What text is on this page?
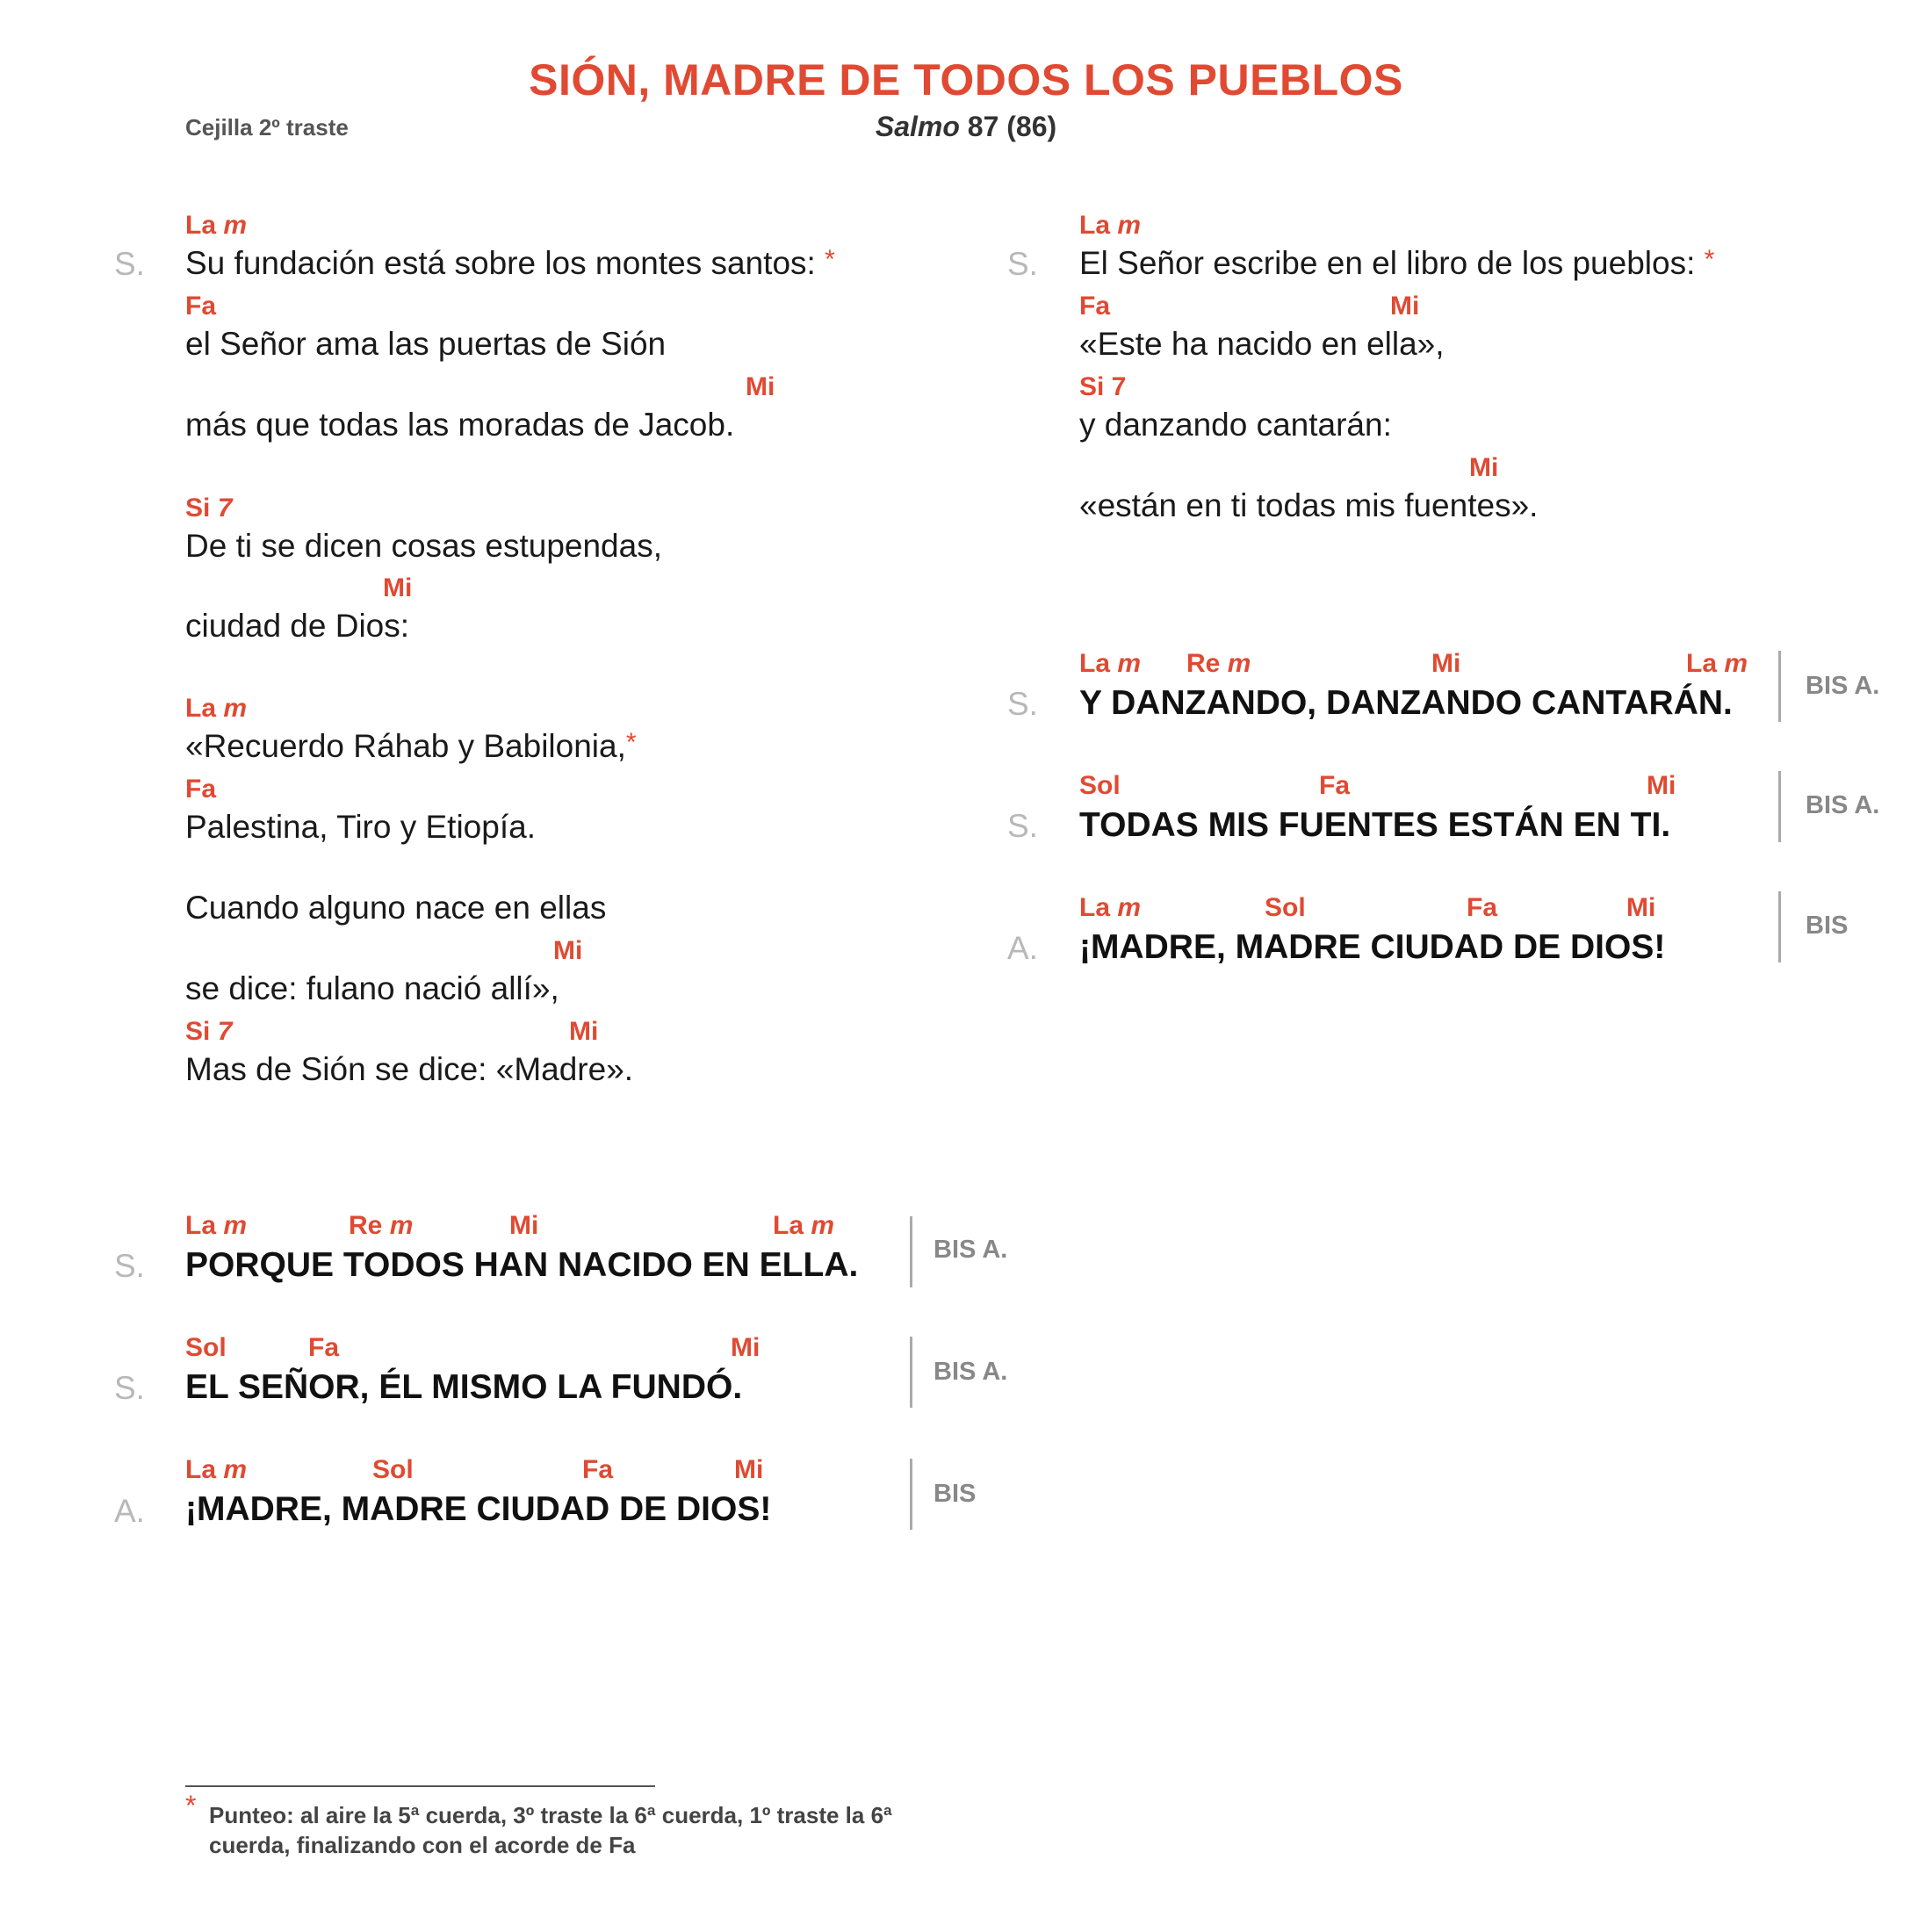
SIÓN, MADRE DE TODOS LOS PUEBLOS
Cejilla 2º traste	Salmo 87 (86)
La m
S. Su fundación está sobre los montes santos: *
Fa
el Señor ama las puertas de Sión
Mi
más que todas las moradas de Jacob.
Si 7
De ti se dicen cosas estupendas,
Mi
ciudad de Dios:
La m
«Recuerdo Ráhab y Babilonia,*
Fa
Palestina, Tiro y Etiopía.
Cuando alguno nace en ellas
Mi
se dice: fulano nació allí»,
Si 7	Mi
Mas de Sión se dice: «Madre».
La m
S. El Señor escribe en el libro de los pueblos: *
Fa	Mi
«Este ha nacido en ella»,
Si 7
y danzando cantarán:
Mi
«están en ti todas mis fuentes».
La m	Re m	Mi	La m
S. PORQUE TODOS HAN NACIDO EN ELLA.	BIS A.
Sol	Fa	Mi
S. EL SEÑOR, ÉL MISMO LA FUNDÓ.	BIS A.
La m	Sol	Fa	Mi
A. ¡MADRE, MADRE CIUDAD DE DIOS!	BIS
La m Re m	Mi	La m
S. Y DANZANDO, DANZANDO CANTARÁN.	BIS A.
Sol	Fa	Mi
S. TODAS MIS FUENTES ESTÁN EN TI.
BIS A.
La m	Sol	Fa	Mi
A. ¡MADRE, MADRE CIUDAD DE DIOS!
BIS
* Punteo: al aire la 5ª cuerda, 3º traste la 6ª cuerda, 1º traste la 6ª cuerda, finalizando con el acorde de Fa
